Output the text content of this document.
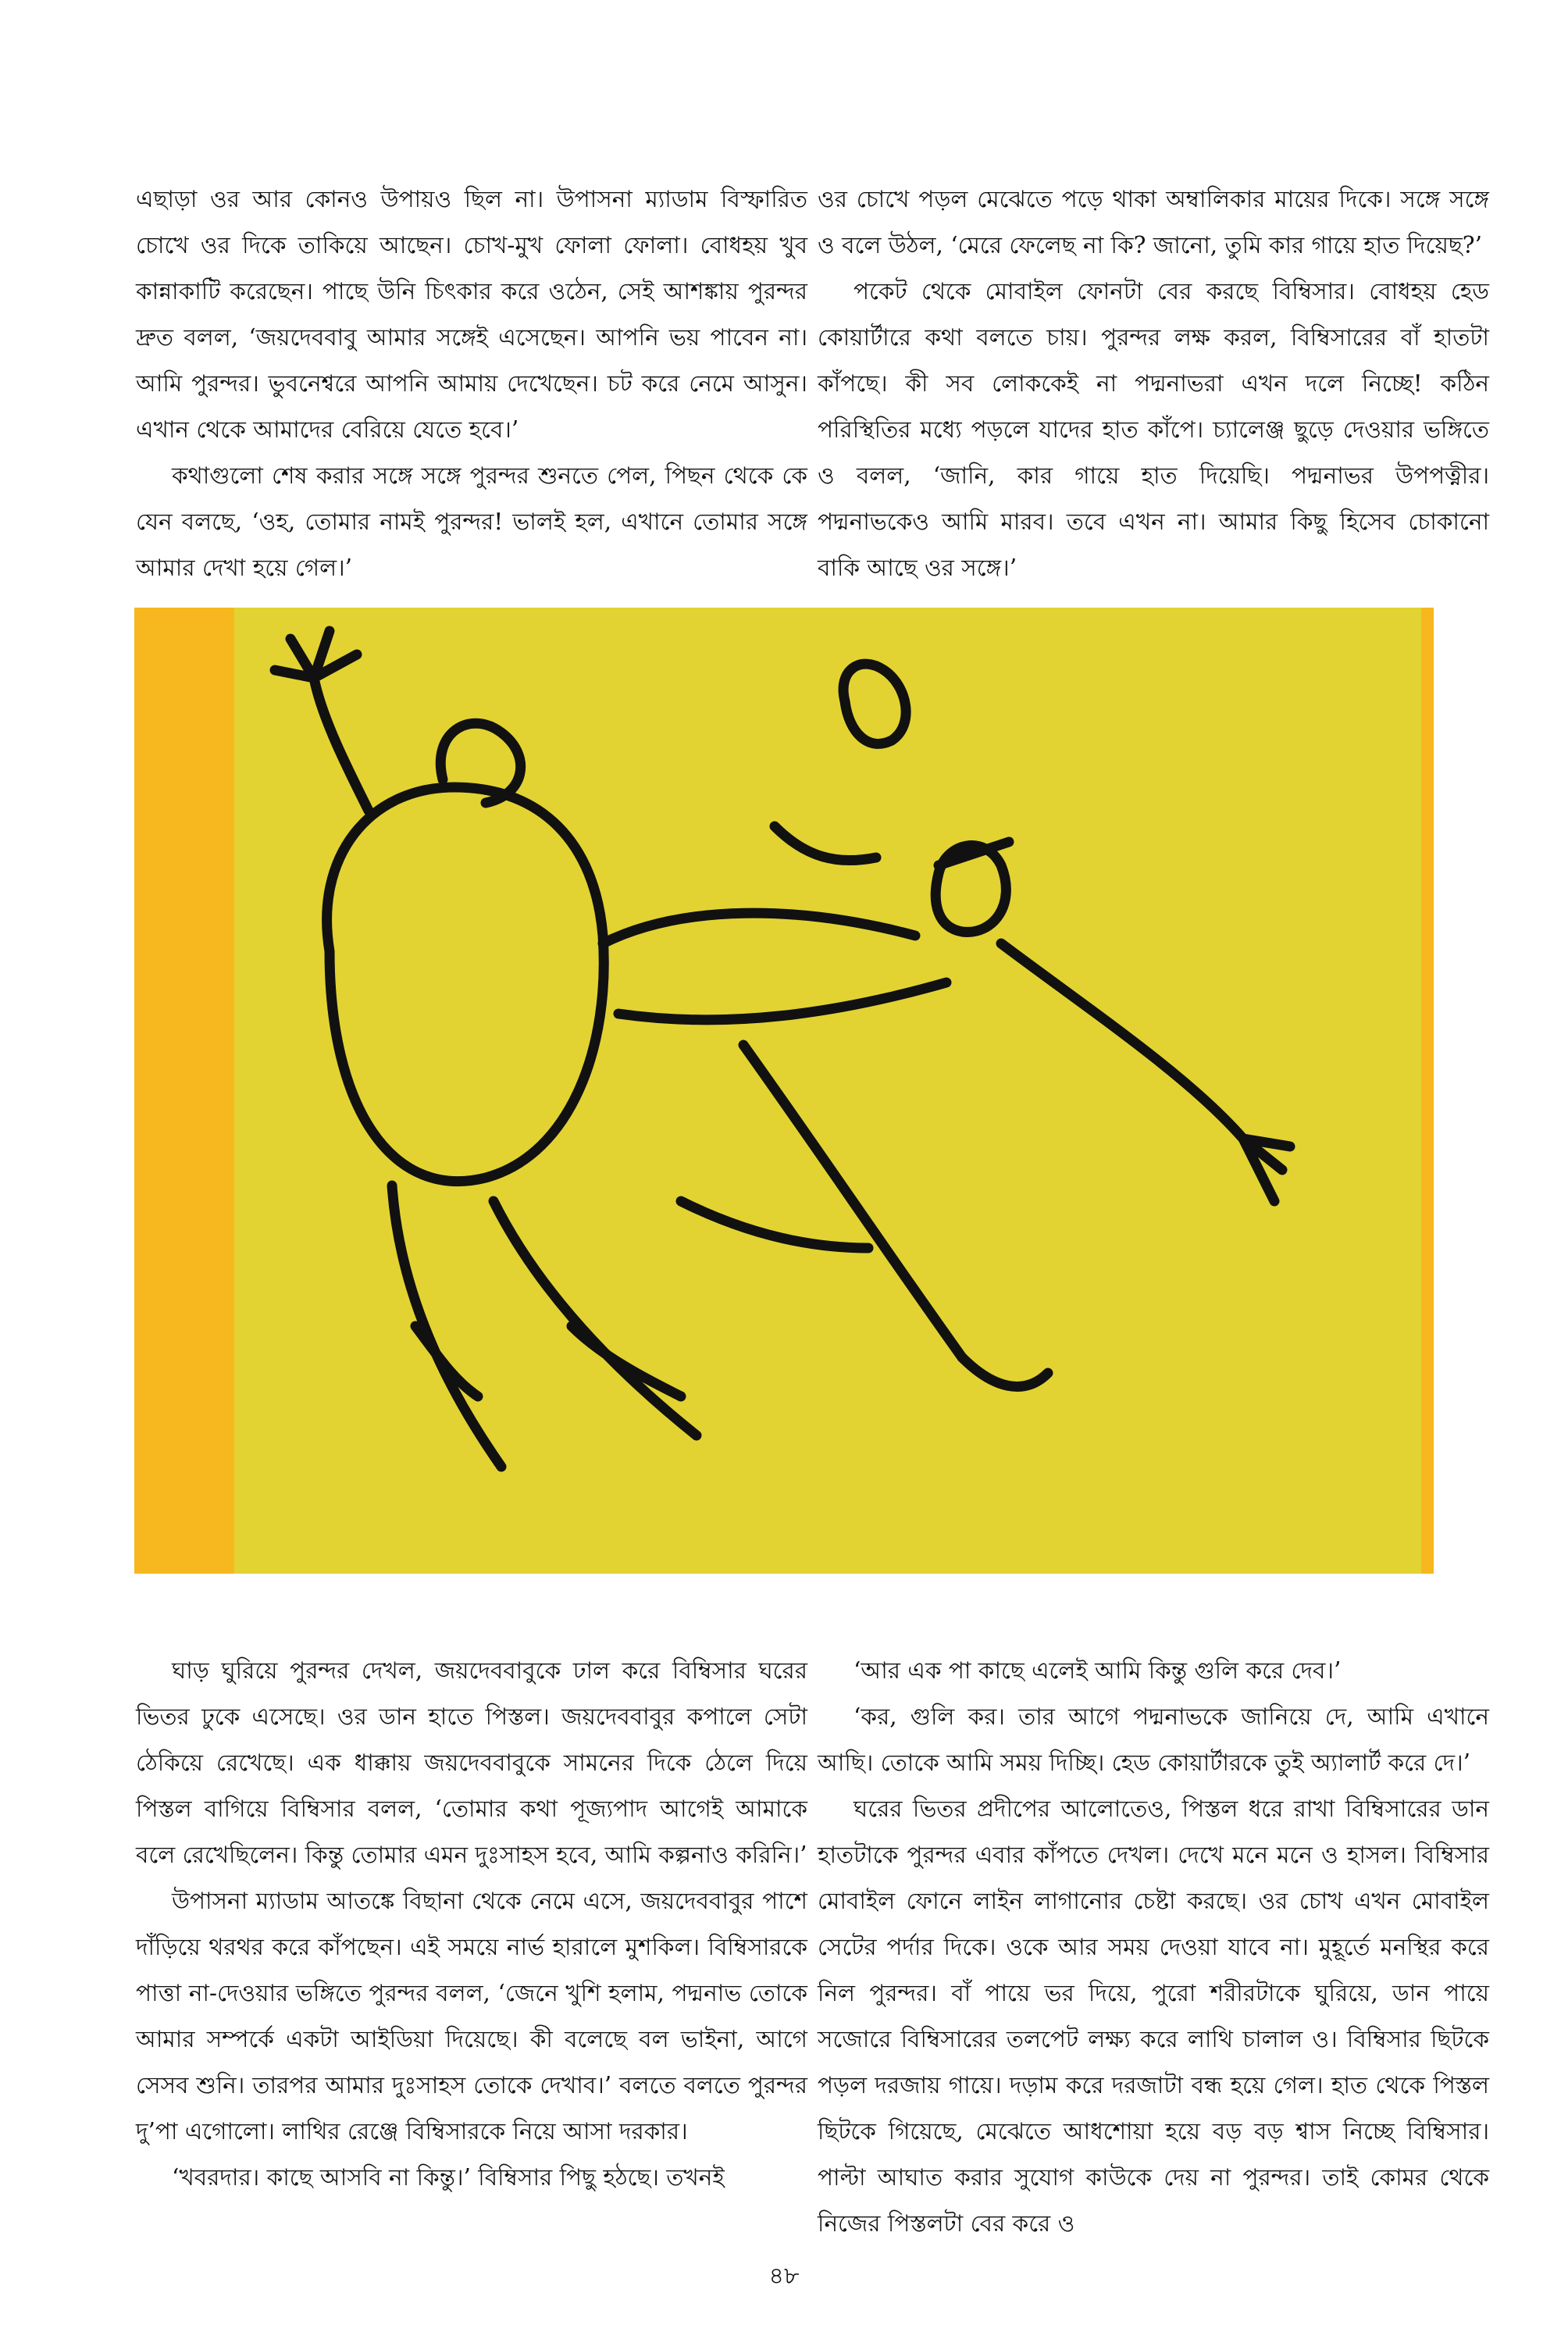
এছাড়া ওর আর কোনও উপায়ও ছিল না। উপাসনা ম্যাডাম বিস্ফারিত চোখে ওর দিকে তাকিয়ে আছেন। চোখ-মুখ ফোলা ফোলা। বোধহয় খুব কান্নাকাটি করেছেন। পাছে উনি চিৎকার করে ওঠেন, সেই আশঙ্কায় পুরন্দর দ্রুত বলল, ‘জয়দেববাবু আমার সঙ্গেই এসেছেন। আপনি ভয় পাবেন না। আমি পুরন্দর। ভুবনেশ্বরে আপনি আমায় দেখেছেন। চট করে নেমে আসুন। এখান থেকে আমাদের বেরিয়ে যেতে হবে।’

কথাগুলো শেষ করার সঙ্গে সঙ্গে পুরন্দর শুনতে পেল, পিছন থেকে কে যেন বলছে, ‘ওহ, তোমার নামই পুরন্দর! ভালই হল, এখানে তোমার সঙ্গে আমার দেখা হয়ে গেল।’

ওর চোখে পড়ল মেঝেতে পড়ে থাকা অম্বালিকার মায়ের দিকে। সঙ্গে সঙ্গে ও বলে উঠল, ‘মেরে ফেলেছ না কি? জানো, তুমি কার গায়ে হাত দিয়েছ?’

পকেট থেকে মোবাইল ফোনটা বের করছে বিম্বিসার। বোধহয় হেড কোয়ার্টারে কথা বলতে চায়। পুরন্দর লক্ষ করল, বিম্বিসারের বাঁ হাতটা কাঁপছে। কী সব লোককেই না পদ্মনাভরা এখন দলে নিচ্ছে! কঠিন পরিস্থিতির মধ্যে পড়লে যাদের হাত কাঁপে। চ্যালেঞ্জ ছুড়ে দেওয়ার ভঙ্গিতে ও বলল, ‘জানি, কার গায়ে হাত দিয়েছি। পদ্মনাভর উপপত্নীর। পদ্মনাভকেও আমি মারব। তবে এখন না। আমার কিছু হিসেব চোকানো বাকি আছে ওর সঙ্গে।’

ঘাড় ঘুরিয়ে পুরন্দর দেখল, জয়দেববাবুকে ঢাল করে বিম্বিসার ঘরের ভিতর ঢুকে এসেছে। ওর ডান হাতে পিস্তল। জয়দেববাবুর কপালে সেটা ঠেকিয়ে রেখেছে। এক ধাক্কায় জয়দেববাবুকে সামনের দিকে ঠেলে দিয়ে পিস্তল বাগিয়ে বিম্বিসার বলল, ‘তোমার কথা পূজ্যপাদ আগেই আমাকে বলে রেখেছিলেন। কিন্তু তোমার এমন দুঃসাহস হবে, আমি কল্পনাও করিনি।’

উপাসনা ম্যাডাম আতঙ্কে বিছানা থেকে নেমে এসে, জয়দেববাবুর পাশে দাঁড়িয়ে থরথর করে কাঁপছেন। এই সময়ে নার্ভ হারালে মুশকিল। বিম্বিসারকে পাত্তা না-দেওয়ার ভঙ্গিতে পুরন্দর বলল, ‘জেনে খুশি হলাম, পদ্মনাভ তোকে আমার সম্পর্কে একটা আইডিয়া দিয়েছে। কী বলেছে বল ভাইনা, আগে সেসব শুনি। তারপর আমার দুঃসাহস তোকে দেখাব।’ বলতে বলতে পুরন্দর দু’পা এগোলো। লাথির রেঞ্জে বিম্বিসারকে নিয়ে আসা দরকার।

‘খবরদার। কাছে আসবি না কিন্তু।’ বিম্বিসার পিছু হঠছে। তখনই

‘আর এক পা কাছে এলেই আমি কিন্তু গুলি করে দেব।’

‘কর, গুলি কর। তার আগে পদ্মনাভকে জানিয়ে দে, আমি এখানে আছি। তোকে আমি সময় দিচ্ছি। হেড কোয়ার্টারকে তুই অ্যালার্ট করে দে।’

ঘরের ভিতর প্রদীপের আলোতেও, পিস্তল ধরে রাখা বিম্বিসারের ডান হাতটাকে পুরন্দর এবার কাঁপতে দেখল। দেখে মনে মনে ও হাসল। বিম্বিসার মোবাইল ফোনে লাইন লাগানোর চেষ্টা করছে। ওর চোখ এখন মোবাইল সেটের পর্দার দিকে। ওকে আর সময় দেওয়া যাবে না। মুহূর্তে মনস্থির করে নিল পুরন্দর। বাঁ পায়ে ভর দিয়ে, পুরো শরীরটাকে ঘুরিয়ে, ডান পায়ে সজোরে বিম্বিসারের তলপেট লক্ষ্য করে লাথি চালাল ও। বিম্বিসার ছিটকে পড়ল দরজায় গায়ে। দড়াম করে দরজাটা বন্ধ হয়ে গেল। হাত থেকে পিস্তল ছিটকে গিয়েছে, মেঝেতে আধশোয়া হয়ে বড় বড় শ্বাস নিচ্ছে বিম্বিসার। পাল্টা আঘাত করার সুযোগ কাউকে দেয় না পুরন্দর। তাই কোমর থেকে নিজের পিস্তলটা বের করে ও

৪৮
